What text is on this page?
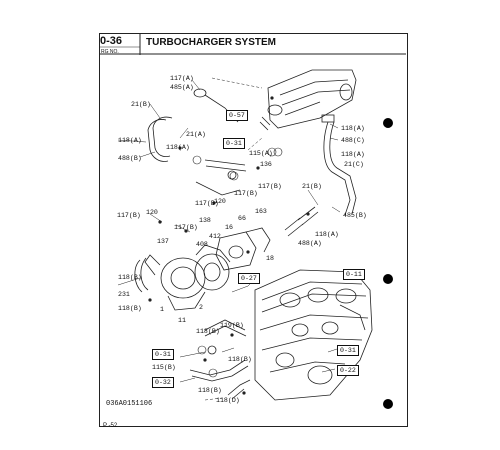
0-36
RG NO.
TURBOCHARGER SYSTEM
0-57
0-31
0-27
0-11
0-31
0-22
0-31
0-32
117(A)
485(A)
21(B)
21(A)
118(A)
118(A)
488(B)
115(A)
136
117(B)
117(B)
120
117(B)
118(A)
488(C)
118(A)
21(C)
21(B)
485(B)
117(B) 120
138
117(B)
137
66
163
412
16
408
18
118(A)
488(A)
118(B)
231
118(B)	1	2
11
119(B)
118(B)
118(B)
115(B)
118(B)
118(D)
036A0151106
P -52
